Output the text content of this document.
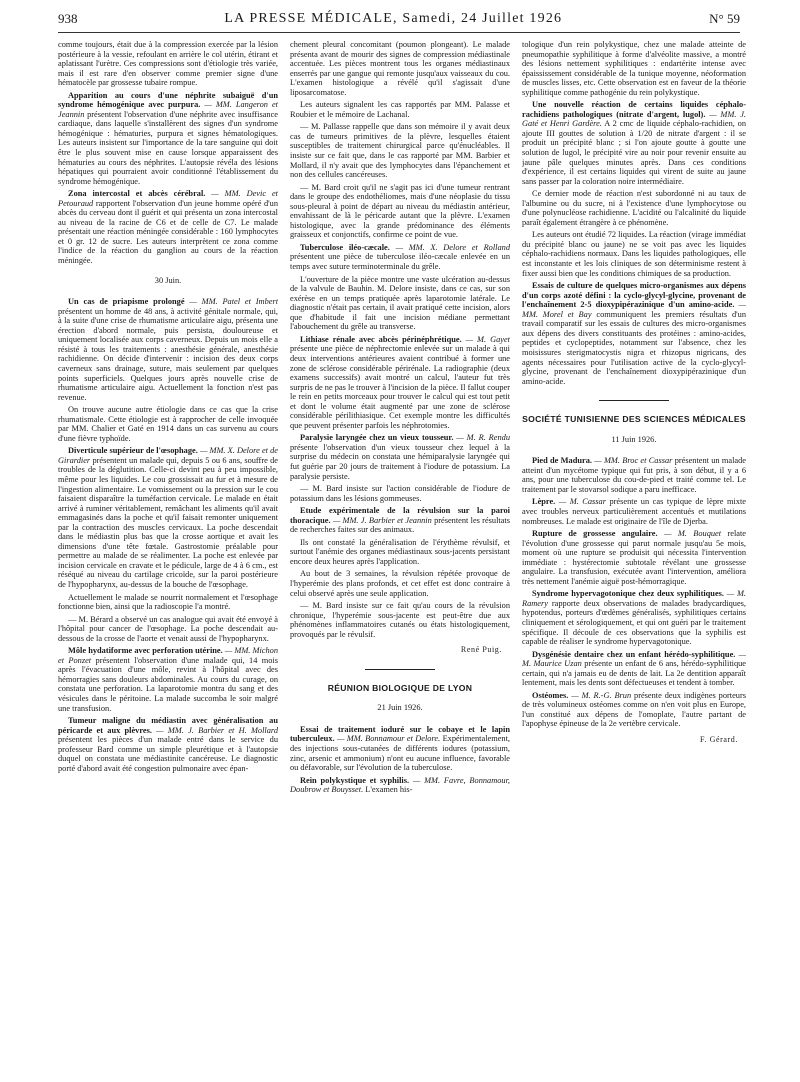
938	LA PRESSE MÉDICALE, Samedi, 24 Juillet 1926	N° 59

comme toujours, était due à la compression exercée par la lésion postérieure à la vessie, refoulant en arrière le col utérin, étirant et aplatissant l'urètre. Ces compressions sont d'étiologie très variée, mais il est rare d'en observer comme premier signe d'une hématocèle par grossesse tubaire rompue.

Apparition au cours d'une néphrite subaiguë d'un syndrome hémogénique avec purpura. — MM. Langeron et Jeannin présentent l'observation d'une néphrite avec insuffisance cardiaque, dans laquelle s'installèrent des signes d'un syndrome hémogénique : hématuries, purpura et signes hématologiques. Les auteurs insistent sur l'importance de la tare sanguine qui doit être le plus souvent mise en cause lorsque apparaissent des hématuries au cours des néphrites. L'autopsie révéla des lésions hépatiques qui pourraient avoir conditionné l'établissement du syndrome hémogénique.

Zona intercostal et abcès cérébral. — MM. Devic et Petouraud rapportent l'observation d'un jeune homme opéré d'un abcès du cerveau dont il guérit et qui présenta un zona intercostal au niveau de la racine de C6 et de celle de C7. Le malade présentait une réaction méningée considérable : 160 lymphocytes et 0 gr. 12 de sucre. Les auteurs interprètent ce zona comme l'indice de la réaction du ganglion au cours de la réaction méningée.

30 Juin.

Un cas de priapisme prolongé — MM. Patel et Imbert présentent un homme de 48 ans, à activité génitale normale, qui, à la suite d'une crise de rhumatisme articulaire aigu, présenta une érection d'abord normale, puis persista, douloureuse et uniquement localisée aux corps caverneux. Depuis un mois elle a résisté à tous les traitements : anesthésie générale, anesthésie rachidienne. On décide d'intervenir : incision des deux corps caverneux sans drainage, suture, mais seulement par quelques points superficiels. Quelques jours après nouvelle crise de rhumatisme articulaire aigu. Actuellement la fonction n'est pas revenue.

On trouve aucune autre étiologie dans ce cas que la crise rhumatismale. Cette étiologie est à rapprocher de celle invoquée par MM. Chalier et Gaté en 1914 dans un cas survenu au cours d'une fièvre typhoïde.

Diverticule supérieur de l'œsophage. — MM. X. Delore et de Girardier présentent un malade qui, depuis 5 ou 6 ans, souffre de troubles de la déglutition. Celle-ci devint peu à peu impossible, même pour les liquides. Le cou grossissait au fur et à mesure de l'ingestion alimentaire. Le vomissement ou la pression sur le cou faisaient disparaître la tuméfaction cervicale. Le malade en était arrivé à ruminer véritablement, remâchant les aliments qu'il avait emmagasinés dans la poche et qu'il faisait remonter uniquement par la contraction des muscles cervicaux. La poche descendait dans le médiastin plus bas que la crosse aortique et avait les dimensions d'une tête fœtale. Gastrostomie préalable pour permettre au malade de se réalimenter. La poche est enlevée par incision cervicale en cravate et le pédicule, large de 4 à 6 cm., est réséqué au niveau du cartilage cricoïde, sur la paroi postérieure de l'hypopharynx, au-dessus de la bouche de l'œsophage.

Actuellement le malade se nourrit normalement et l'œsophage fonctionne bien, ainsi que la radioscopie l'a montré.

— M. Bérard a observé un cas analogue qui avait été envoyé à l'hôpital pour cancer de l'œsophage. La poche descendait au-dessous de la crosse de l'aorte et venait aussi de l'hypopharynx.

Môle hydatiforme avec perforation utérine. — MM. Michon et Ponzet présentent l'observation d'une malade qui, 14 mois après l'évacuation d'une môle, revint à l'hôpital avec des hémorragies sans douleurs abdominales. Au cours du curage, on constata une perforation. La laparotomie montra du sang et des vésicules dans le péritoine. La malade succomba le soir malgré une transfusion.

Tumeur maligne du médiastin avec généralisation au péricarde et aux plèvres. — MM. J. Barbier et H. Mollard présentent les pièces d'un malade entré dans le service du professeur Bard comme un simple pleurétique et à l'autopsie duquel on constata une médiastinite cancéreuse. Le diagnostic porté d'abord avait été congestion pulmonaire avec épan-

chement pleural concomitant (poumon plongeant). Le malade présenta avant de mourir des signes de compression médiastinale accentuée. Les pièces montrent tous les organes médiastinaux enserrés par une gangue qui remonte jusqu'aux vaisseaux du cou. L'examen histologique a révélé qu'il s'agissait d'une liposarcomatose.

Les auteurs signalent les cas rapportés par MM. Palasse et Roubier et le mémoire de Lachanal.

— M. Pallasse rappelle que dans son mémoire il y avait deux cas de tumeurs primitives de la plèvre, lesquelles étaient susceptibles de traitement chirurgical parce qu'énucléables. Il insiste sur ce fait que, dans le cas rapporté par MM. Barbier et Mollard, il n'y avait que des lymphocytes dans l'épanchement et non des cellules cancéreuses.

— M. Bard croit qu'il ne s'agit pas ici d'une tumeur rentrant dans le groupe des endothéliomes, mais d'une néoplasie du tissu sous-pleural à point de départ au niveau du médiastin antérieur, envahissant de là le péricarde autant que la plèvre. L'examen histologique, avec la grande prédominance des éléments graisseux et conjonctifs, confirme ce point de vue.

Tuberculose iléo-cæcale. — MM. X. Delore et Rolland présentent une pièce de tuberculose iléo-cæcale enlevée en un temps avec suture terminoterminale du grêle.

L'ouverture de la pièce montre une vaste ulcération au-dessus de la valvule de Bauhin. M. Delore insiste, dans ce cas, sur son exérèse en un temps pratiquée après laparotomie latérale. Le diagnostic n'était pas certain, il avait pratiqué cette incision, alors que d'habitude il fait une incision médiane permettant l'abouchement du grêle au transverse.

Lithiase rénale avec abcès périnéphrétique. — M. Gayet présente une pièce de néphrectomie enlevée sur un malade à qui deux interventions antérieures avaient contribué à former une zone de sclérose considérable périrénale. La radiographie (deux examens successifs) avait montré un calcul, l'auteur fut très surpris de ne pas le trouver à l'incision de la pièce. Il fallut couper le rein en petits morceaux pour trouver le calcul qui est tout petit et dont le volume était augmenté par une zone de sclérose considérable périlithiasique. Cet exemple montre les difficultés que peuvent présenter parfois les néphrotomies.

Paralysie laryngée chez un vieux tousseur. — M. R. Rendu présente l'observation d'un vieux tousseur chez lequel à la surprise du médecin on constata une hémiparalysie laryngée qui fut guérie par 20 jours de traitement à l'iodure de potassium. La paralysie persiste.

— M. Bard insiste sur l'action considérable de l'iodure de potassium dans les lésions gommeuses.

Etude expérimentale de la révulsion sur la paroi thoracique. — MM. J. Barbier et Jeannin présentent les résultats de recherches faites sur des animaux.

Ils ont constaté la généralisation de l'érythème révulsif, et surtout l'anémie des organes médiastinaux sous-jacents persistant encore deux heures après l'application.

Au bout de 3 semaines, la révulsion répétée provoque de l'hyperémie des plans profonds, et cet effet est donc contraire à celui observé après une seule application.

— M. Bard insiste sur ce fait qu'au cours de la révulsion chronique, l'hyperémie sous-jacente est peut-être due aux phénomènes inflammatoires cutanés ou états histologiquement, provoqués par le révulsif.

René Puig.
RÉUNION BIOLOGIQUE DE LYON
21 Juin 1926.

Essai de traitement ioduré sur le cobaye et le lapin tuberculeux. — MM. Bonnamour et Delore. Expérimentalement, des injections sous-cutanées de différents iodures (potassium, zinc, arsenic et ammonium) n'ont eu aucune influence, favorable ou défavorable, sur l'évolution de la tuberculose.

Rein polykystique et syphilis. — MM. Favre, Bonnamour, Doubrow et Bouysset. L'examen his-

tologique d'un rein polykystique, chez une malade atteinte de pneumopathie syphilitique à forme d'alvéolite massive, a montré des lésions nettement syphilitiques : endartérite intense avec épaississement considérable de la tunique moyenne, néoformation de muscles lisses, etc. Cette observation est en faveur de la théorie syphilitique comme pathogénie du rein polykystique.

Une nouvelle réaction de certains liquides céphalo-rachidiens pathologiques (nitrate d'argent, lugol). — MM. J. Gaté et Henri Gardère. A 2 cmc de liquide céphalo-rachidien, on ajoute III gouttes de solution à 1/20 de nitrate d'argent : il se produit un précipité blanc ; si l'on ajoute goutte à goutte une solution de lugol, le précipité vire au noir pour revenir ensuite au jaune pâle quelques minutes après. Dans ces conditions d'expérience, il est certains liquides qui virent de suite au jaune sans passer par la coloration noire intermédiaire.

Ce dernier mode de réaction n'est subordonné ni au taux de l'albumine ou du sucre, ni à l'existence d'une lymphocytose ou d'une polynucléose rachidienne. L'acidité ou l'alcalinité du liquide paraît également étrangère à ce phénomène.

Les auteurs ont étudié 72 liquides. La réaction (virage immédiat du précipité blanc ou jaune) ne se voit pas avec les liquides céphalo-rachidiens normaux. Dans les liquides pathologiques, elle est inconstante et les lois cliniques de son déterminisme restent à fixer aussi bien que les conditions chimiques de sa production.

Essais de culture de quelques micro-organismes aux dépens d'un corps azoté défini : la cyclo-glycyl-glycine, provenant de l'enchaînement 2-5 dioxypipérazinique d'un amino-acide. — MM. Morel et Bay communiquent les premiers résultats d'un travail comparatif sur les essais de cultures des micro-organismes aux dépens des divers constituants des protéines : amino-acides, peptides et cyclopeptides, notamment sur l'absence, chez les moisissures sterigmatocystis nigra et rhizopus nigricans, des agents nécessaires pour l'utilisation active de la cyclo-glycyl-glycine, provenant de l'enchaînement dioxypipérazinique d'un amino-acide.

SOCIÉTÉ TUNISIENNE DES SCIENCES MÉDICALES
11 Juin 1926.

Pied de Madura. — MM. Broc et Cassar présentent un malade atteint d'un mycétome typique qui fut pris, à son début, il y a 6 ans, pour une tuberculose du cou-de-pied et traité comme tel. Le traitement par le stovarsol sodique a paru inefficace.

Lèpre. — M. Cassar présente un cas typique de lèpre mixte avec troubles nerveux particulièrement accentués et mutilations nombreuses. Le malade est originaire de l'île de Djerba.

Rupture de grossesse angulaire. — M. Bouquet relate l'évolution d'une grossesse qui parut normale jusqu'au 5e mois, moment où une rupture se produisit qui nécessita l'intervention immédiate : hystérectomie subtotale révélant une grossesse angulaire. La transfusion, exécutée avant l'intervention, améliora très nettement l'anémie aiguë post-hémorragique.

Syndrome hypervagotonique chez deux syphilitiques. — M. Ramery rapporte deux observations de malades bradycardiques, hypotendus, porteurs d'œdèmes généralisés, syphilitiques certains cliniquement et sérologiquement, et qui ont guéri par le traitement spécifique. Il découle de ces observations que la syphilis est capable de réaliser le syndrome hypervagotonique.

Dysgénésie dentaire chez un enfant hérédo-syphilitique. — M. Maurice Uzan présente un enfant de 6 ans, hérédo-syphilitique certain, qui n'a jamais eu de dents de lait. La 2e dentition apparaît lentement, mais les dents sont défectueuses et tendent à tomber.

Ostéomes. — M. R.-G. Brun présente deux indigènes porteurs de très volumineux ostéomes comme on n'en voit plus en Europe, l'un constitué aux dépens de l'omoplate, l'autre partant de l'apophyse épineuse de la 2e vertèbre cervicale.

F. Gérard.
